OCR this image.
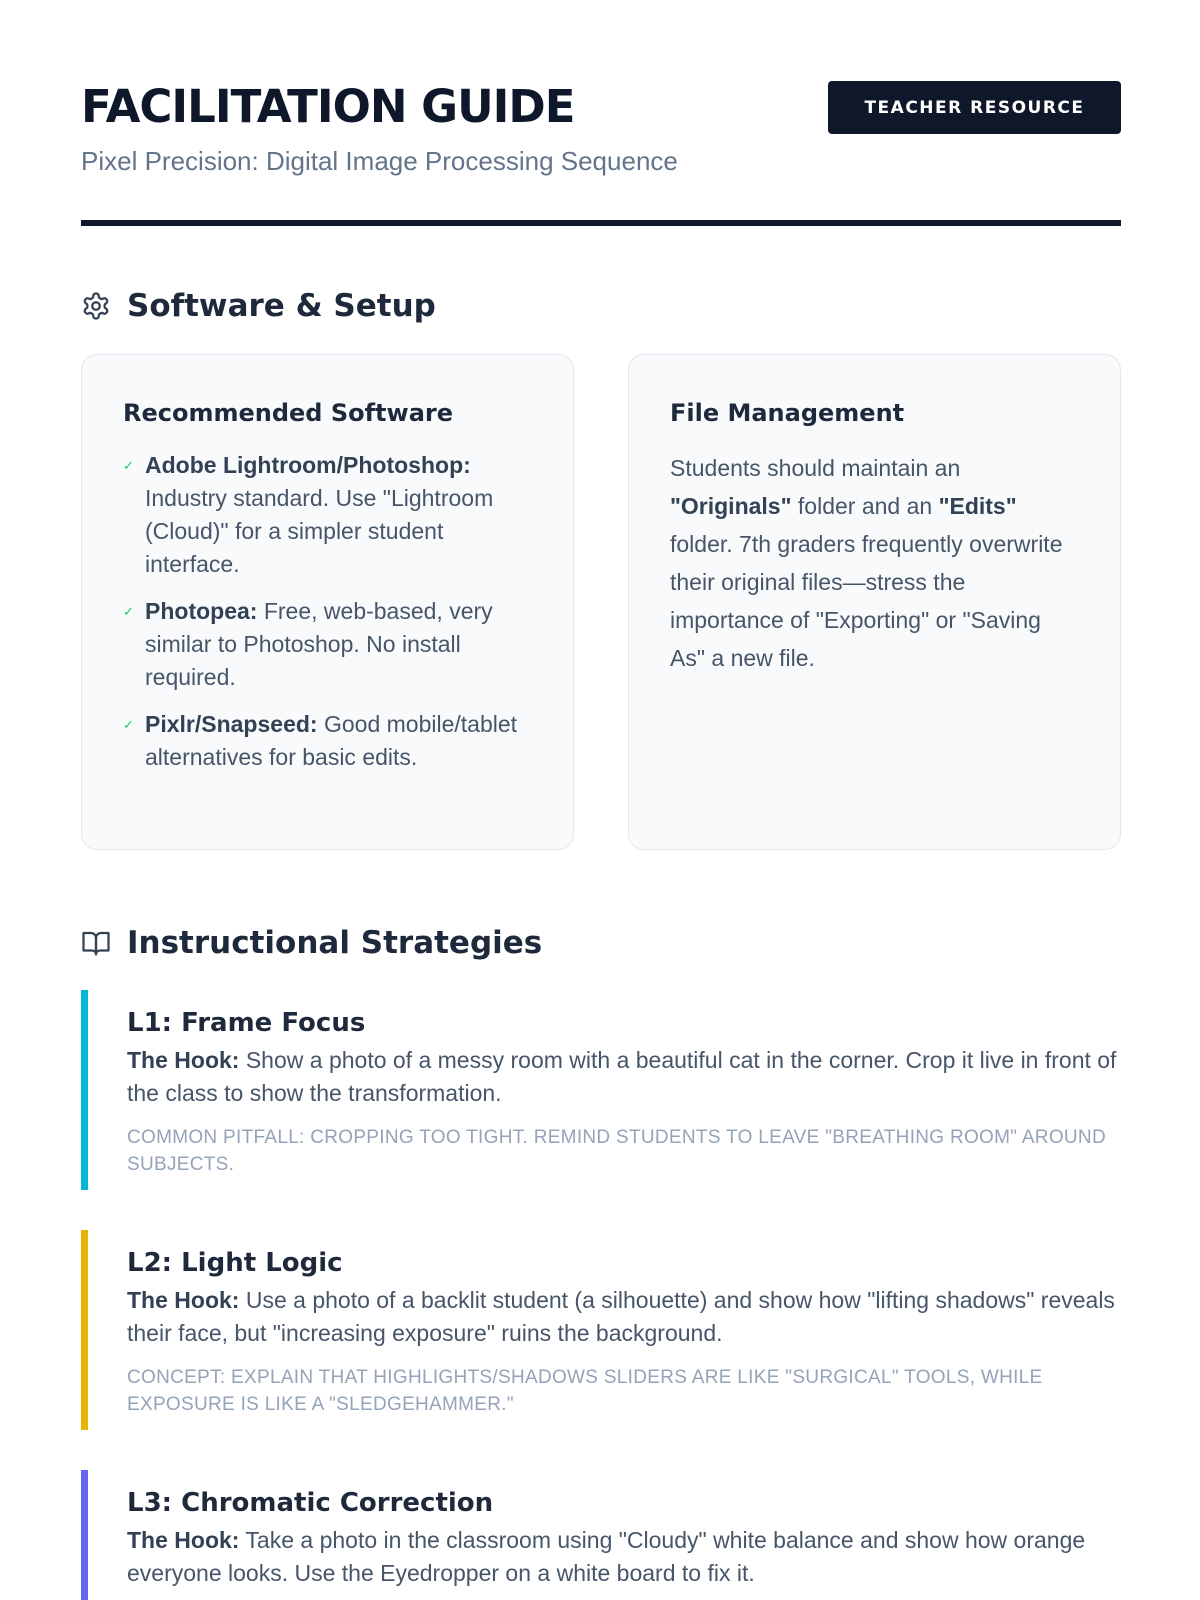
FACILITATION GUIDE
Pixel Precision: Digital Image Processing Sequence
TEACHER RESOURCE
Software & Setup
Recommended Software
✓ Adobe Lightroom/Photoshop: Industry standard. Use "Lightroom (Cloud)" for a simpler student interface.
✓ Photopea: Free, web-based, very similar to Photoshop. No install required.
✓ Pixlr/Snapseed: Good mobile/tablet alternatives for basic edits.
File Management

Students should maintain an "Originals" folder and an "Edits" folder. 7th graders frequently overwrite their original files—stress the importance of "Exporting" or "Saving As" a new file.

Instructional Strategies
L1: Frame Focus
The Hook: Show a photo of a messy room with a beautiful cat in the corner. Crop it live in front of the class to show the transformation.
COMMON PITFALL: CROPPING TOO TIGHT. REMIND STUDENTS TO LEAVE "BREATHING ROOM" AROUND SUBJECTS.
L2: Light Logic
The Hook: Use a photo of a backlit student (a silhouette) and show how "lifting shadows" reveals their face, but "increasing exposure" ruins the background.
CONCEPT: EXPLAIN THAT HIGHLIGHTS/SHADOWS SLIDERS ARE LIKE "SURGICAL" TOOLS, WHILE EXPOSURE IS LIKE A "SLEDGEHAMMER."
L3: Chromatic Correction
The Hook: Take a photo in the classroom using "Cloudy" white balance and show how orange everyone looks. Use the Eyedropper on a white board to fix it.
